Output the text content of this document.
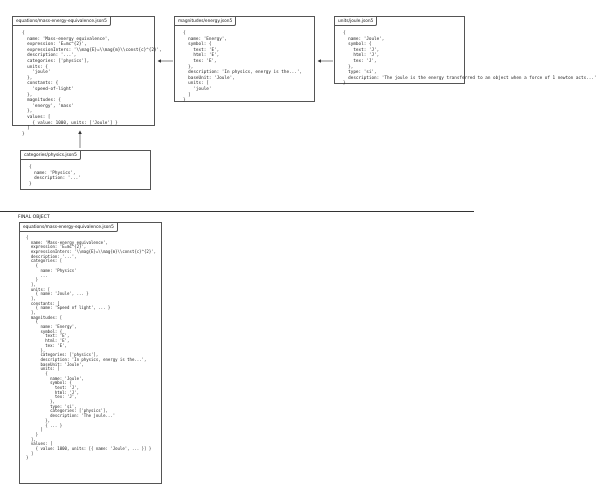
equations/mass-energy-equivalence.json5
{
name: 'Mass-energy equivalence',
expression: 'E=mc^{2}',
expressionInters: '\\mag{E}=\\mag{m}\\const{c}^{2}',
description: '...',
categories: ['physics'],
units: {
'joule'
},
constants: {
'speed-of-light'
},
magnitudes: {
'energy', 'mass'
},
values: [
{ value: 1000, units: ['Joule'] }
]
}
magnitudes/energy.json5
{
name: 'Energy',
symbol: {
text: 'E',
html: 'E',
tex: 'E',
},
description: 'In physics, energy is the...',
baseUnit: 'Joule',
units: [
'joule'
]
}
units/joule.json5
{
name: 'Joule',
symbol: {
text: 'J',
html: 'J',
tex: 'J',
},
type: 'si',
description: 'The joule is the energy transferred to an object when a force of 1 newton acts...'
}
categories/physics.json5
{
name: 'Physics',
description: '...'
}
FINAL OBJECT
equations/mass-energy-equivalence.json5
{
name: 'Mass-energy equivalence',
expression: 'E=mc^{2}',
expressionInters: '\\mag{E}=\\mag{m}\\const{c}^{2}',
description: '...',
categories: [
{
name: 'Physics'
...
}
],
units: [
{ name: 'Joule', ... }
],
constants: [
{ name: 'Speed of light', ... }
],
magnitudes: [
{
name: 'Energy',
symbol: {
text: 'E',
html: 'E',
tex: 'E',
},
categories: ['physics'],
description: 'In physics, energy is the...',
baseUnit: 'Joule',
units: [
{
name: 'Joule',
symbol: {
text: 'J',
html: 'J',
tex: 'J',
},
type: 'si',
categories: ['physics'],
description: 'The joule...'
},
{ ... }
]
}
],
values: [
{ value: 1000, units: [{ name: 'Joule', ... }] }
]
}
